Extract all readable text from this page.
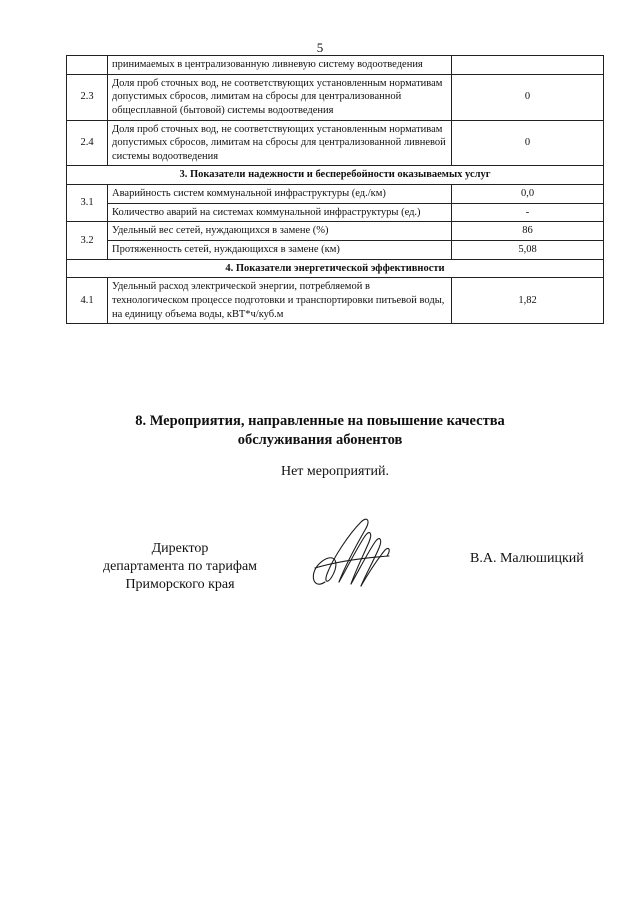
5
	принимаемых в централизованную ливневую систему водоотведения	
2.3	Доля проб сточных вод, не соответствующих установленным нормативам допустимых сбросов, лимитам на сбросы для централизованной общесплавной (бытовой) системы водоотведения	0
2.4	Доля проб сточных вод, не соответствующих установленным нормативам допустимых сбросов, лимитам на сбросы для централизованной ливневой системы водоотведения	0
3. Показатели надежности и бесперебойности оказываемых услуг		
3.1	Аварийность систем коммунальной инфраструктуры (ед./км)	0,0
	Количество аварий на системах коммунальной инфраструктуры (ед.)	-
3.2	Удельный вес сетей, нуждающихся в замене (%)	86
	Протяженность сетей, нуждающихся в замене (км)	5,08
4. Показатели энергетической эффективности		
4.1	Удельный расход электрической энергии, потребляемой в технологическом процессе подготовки и транспортировки питьевой воды, на единицу объема воды, кВТ*ч/куб.м	1,82
8. Мероприятия, направленные на повышение качества
обслуживания абонентов
Нет мероприятий.
Директор
департамента по тарифам
Приморского края
В.А. Малюшицкий
